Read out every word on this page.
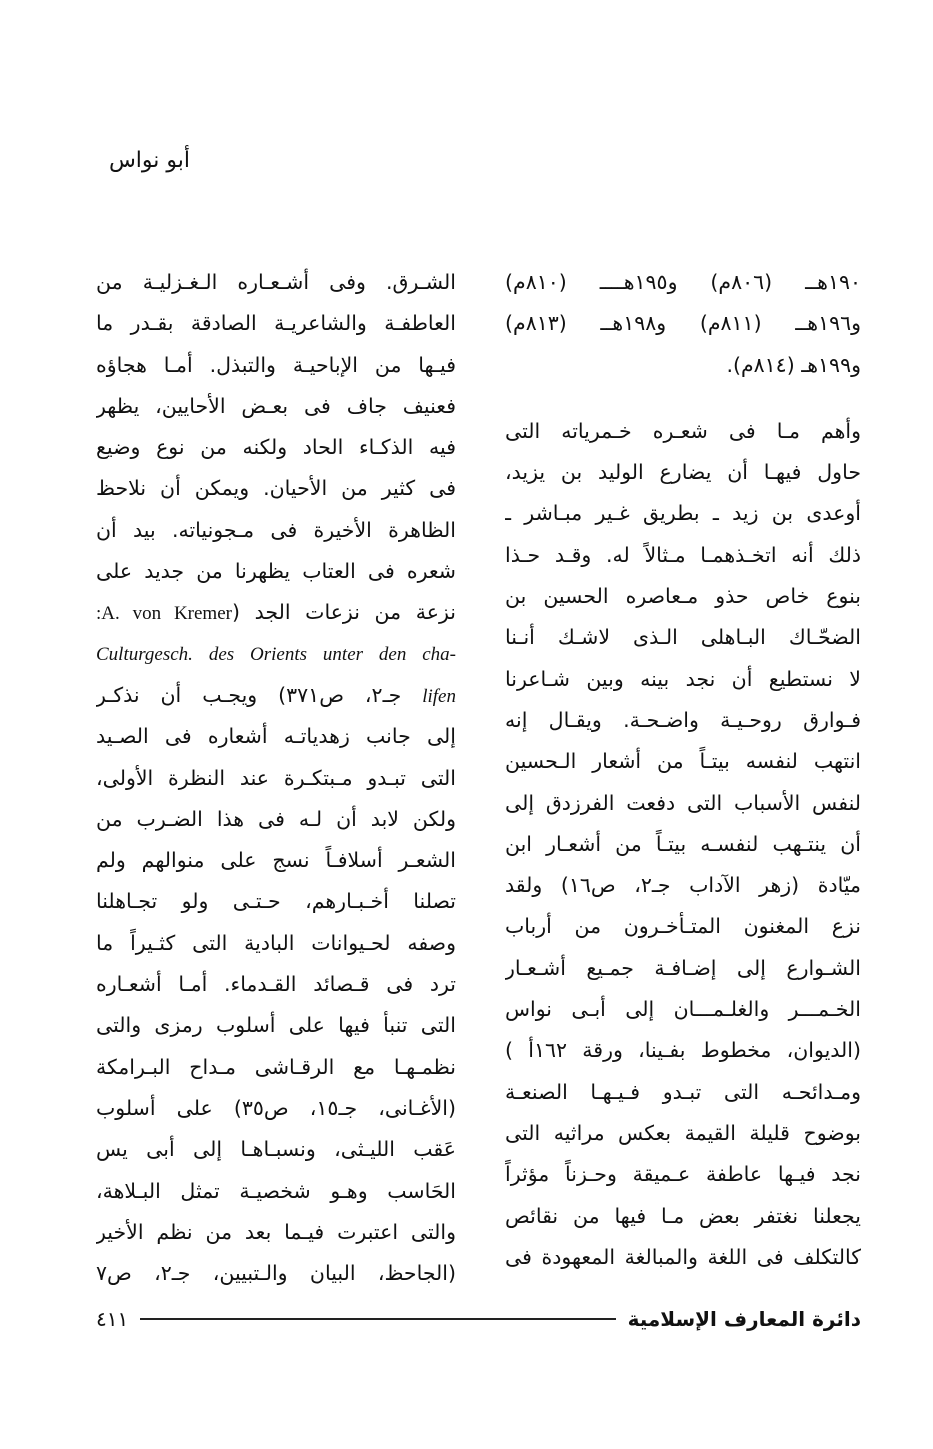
أبو نواس
١٩٠هــ (٨٠٦م) و١٩٥هــــ (٨١٠م)
و١٩٦هــ (٨١١م) و١٩٨هــ (٨١٣م)
و١٩٩هـ (٨١٤م).
وأهم مـا فى شعـره خـمرياته التى
حاول فيهـا أن يضارع الوليد بن يزيد،
أوعدى بن زيد ـ بطريق غـير مبـاشر ـ
ذلك أنه اتخـذهمـا مـثالاً له. وقـد حـذا
بنوع خاص حذو مـعاصره الحسين بن
الضحّـاك البـاهلى الـذى لاشـك أنـنا
لا نستطيع أن نجد بينه وبين شـاعرنا
فـوارق روحـيـة واضـحـة. ويقـال إنه
انتهب لنفسه بيتـاً من أشعار الـحسين
لنفس الأسباب التى دفعت الفرزدق إلى
أن ينتـهب لنفسـه بيتـاً من أشعـار ابن
ميّادة (زهر الآداب جـ٢، ص١٦) ولقد
نزع المغنون المتـأخـرون من أرباب
الشـوارع إلى إضـافـة جمـيع أشـعـار
الخـمـــر والغلـمـــان إلى أبـى نواس
(الديوان، مخطوط بفـينا، ورقة ١٦٢أ )
ومـدائحـه التى تبـدو فـيـهـا الصنعـة
بوضوح قليلة القيمة بعكس مراثيه التى
نجد فيـها عاطفة عـميقة وحـزناً مؤثراً
يجعلنا نغتفر بعض مـا فيها من نقائص
كالتكلف فى اللغة والمبالغة المعهودة فى
الشـرق. وفى أشـعـاره الـغـزليـة من
العاطفـة والشاعريـة الصادقة بقـدر ما
فيـها من الإباحيـة والتبذل. أمـا هجاؤه
فعنيف جاف فى بعـض الأحايين، يظهر
فيه الذكـاء الحاد ولكنه من نوع وضيع
فى كثير من الأحيان. ويمكن أن نلاحظ
الظاهرة الأخيرة فى مـجونياته. بيد أن
شعره فى العتاب يظهرنا من جديد على
نزعة من نزعات الجد (A. von Kremer:
Culturgesch. des Orients unter den cha-
lifen جـ٢، ص٣٧١) ويجـب أن نذكـر
إلى جانب زهدياتـه أشعاره فى الصـيد
التى تبـدو مـبتكـرة عند النظرة الأولى،
ولكن لابد أن لـه فى هذا الضـرب من
الشعـر أسلافـاً نسج على منوالهم ولم
تصلنا أخـبـارهم، حـتـى ولو تجـاهلنا
وصفه لحـيوانات البادية التى كثـيراً ما
ترد فى قـصائد القـدماء. أمـا أشعـاره
التى تنبأ فيها على أسلوب رمزى والتى
نظمـهـا مع الرقـاشى مـداح البـرامكة
(الأغـانى، جـ١٥، ص٣٥) على أسلوب
عَقب الليـثى، ونسبـاهـا إلى أبى يس
الحَاسب وهـو شخصيـة تمثل البـلاهة،
والتى اعتبرت فيـما بعد من نظم الأخير
(الجاحظ، البيان والـتبيين، جـ٢، ص٧
دائرة المعارف الإسلامية
٤١١
